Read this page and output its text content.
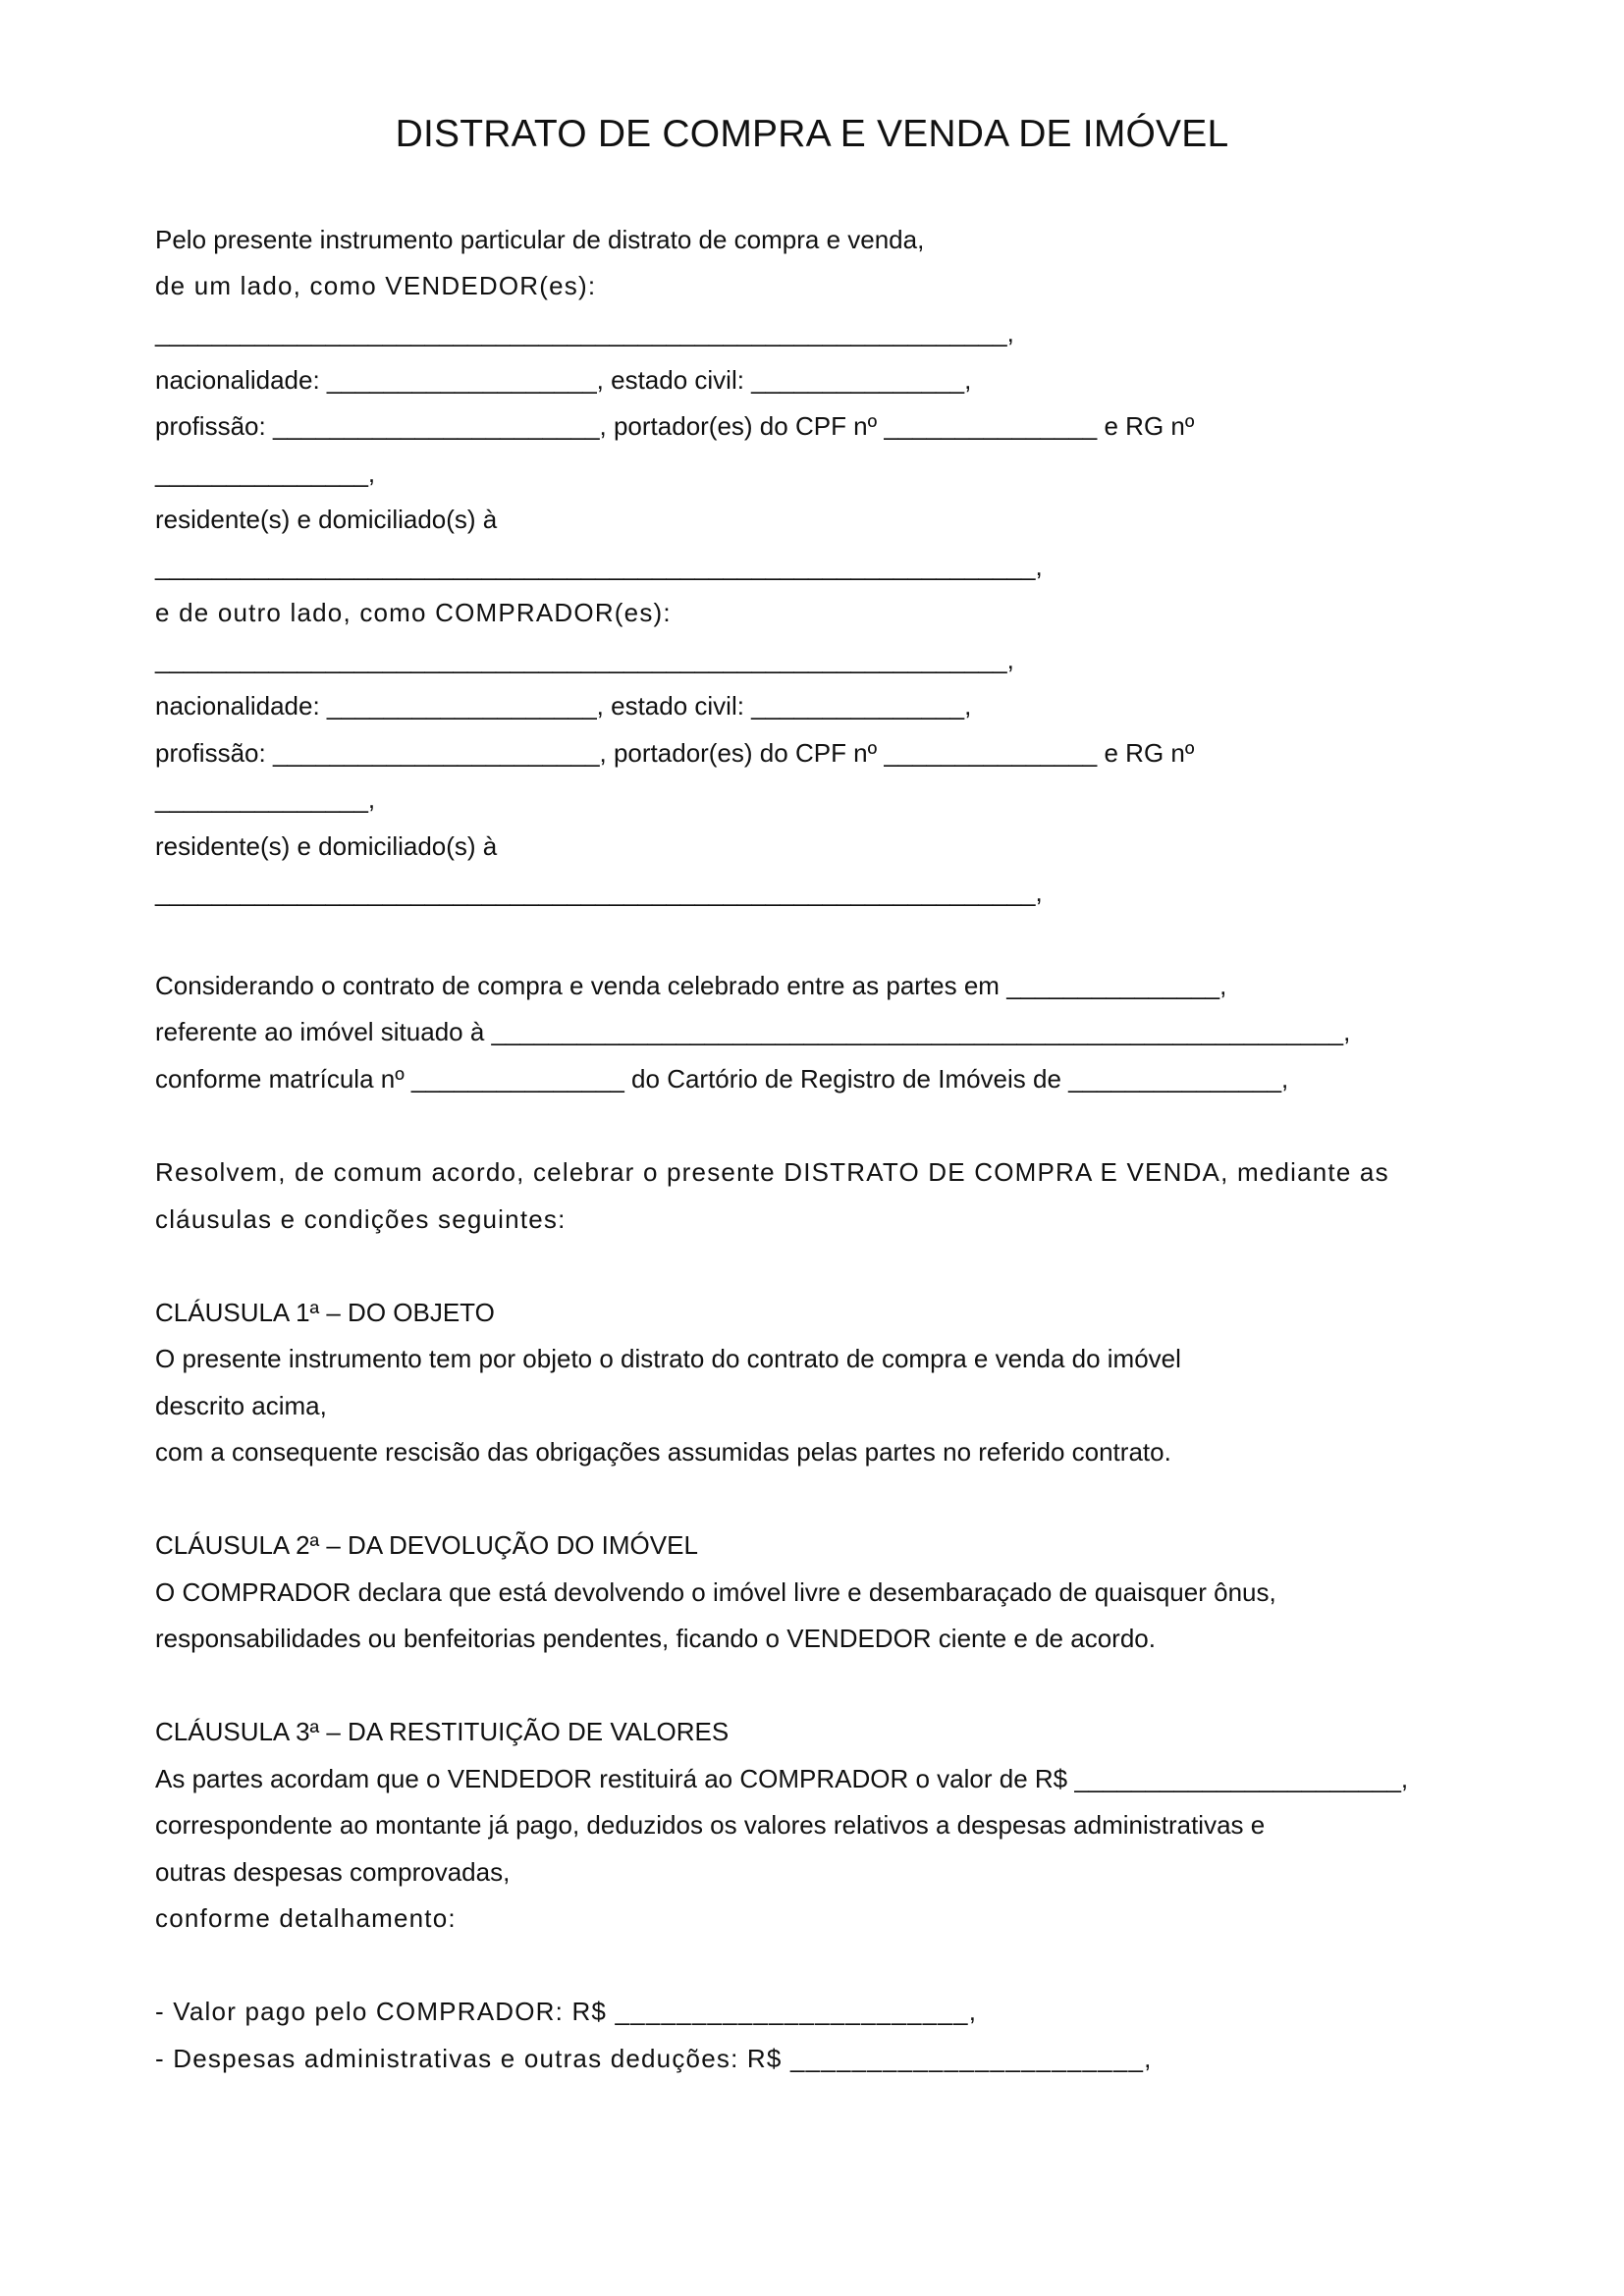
DISTRATO DE COMPRA E VENDA DE IMÓVEL
Pelo presente instrumento particular de distrato de compra e venda,
de um lado, como VENDEDOR(es):
____________________________________________________________,
nacionalidade: ___________________, estado civil: _______________,
profissão: _______________________, portador(es) do CPF nº _______________ e RG nº
_______________,
residente(s) e domiciliado(s) à
______________________________________________________________,
e de outro lado, como COMPRADOR(es):
____________________________________________________________,
nacionalidade: ___________________, estado civil: _______________,
profissão: _______________________, portador(es) do CPF nº _______________ e RG nº
_______________,
residente(s) e domiciliado(s) à
______________________________________________________________,
Considerando o contrato de compra e venda celebrado entre as partes em _______________,
referente ao imóvel situado à ____________________________________________________________,
conforme matrícula nº _______________ do Cartório de Registro de Imóveis de _______________,
Resolvem, de comum acordo, celebrar o presente DISTRATO DE COMPRA E VENDA, mediante as
cláusulas e condições seguintes:
CLÁUSULA 1ª – DO OBJETO
O presente instrumento tem por objeto o distrato do contrato de compra e venda do imóvel
descrito acima,
com a consequente rescisão das obrigações assumidas pelas partes no referido contrato.
CLÁUSULA 2ª – DA DEVOLUÇÃO DO IMÓVEL
O COMPRADOR declara que está devolvendo o imóvel livre e desembaraçado de quaisquer ônus,
responsabilidades ou benfeitorias pendentes, ficando o VENDEDOR ciente e de acordo.
CLÁUSULA 3ª – DA RESTITUIÇÃO DE VALORES
As partes acordam que o VENDEDOR restituirá ao COMPRADOR o valor de R$ _______________________,
correspondente ao montante já pago, deduzidos os valores relativos a despesas administrativas e
outras despesas comprovadas,
conforme detalhamento:
- Valor pago pelo COMPRADOR: R$ _______________________,
- Despesas administrativas e outras deduções: R$ _______________________,
